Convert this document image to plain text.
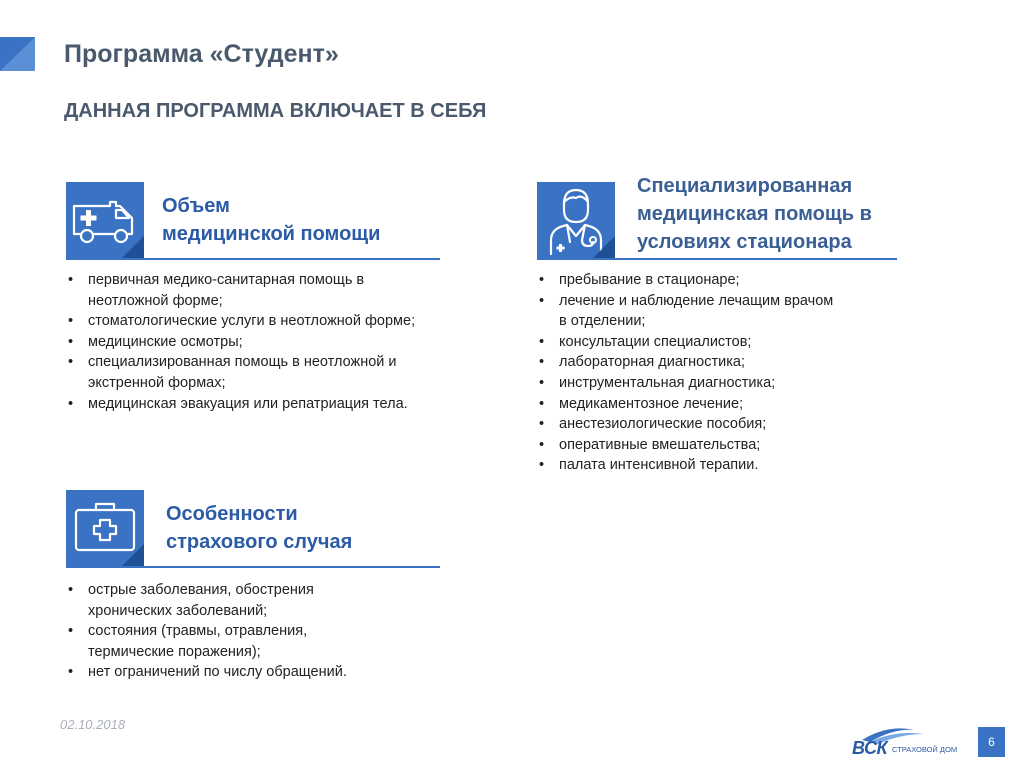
Программа «Студент»
ДАННАЯ ПРОГРАММА ВКЛЮЧАЕТ В СЕБЯ
Объем
медицинской помощи
• первичная медико-санитарная помощь в неотложной форме;
• стоматологические услуги в неотложной форме;
• медицинские осмотры;
• специализированная помощь в неотложной и экстренной формах;
• медицинская эвакуация или репатриация тела.
Специализированная
медицинская помощь в
условиях стационара
• пребывание в стационаре;
• лечение и наблюдение лечащим врачом в отделении;
• консультации специалистов;
• лабораторная диагностика;
• инструментальная диагностика;
• медикаментозное лечение;
• анестезиологические пособия;
• оперативные вмешательства;
• палата интенсивной терапии.
Особенности
страхового случая
• острые заболевания, обострения хронических заболеваний;
• состояния (травмы, отравления, термические поражения);
• нет ограничений по числу обращений.
02.10.2018
ВСК СТРАХОВОЙ ДОМ
6
